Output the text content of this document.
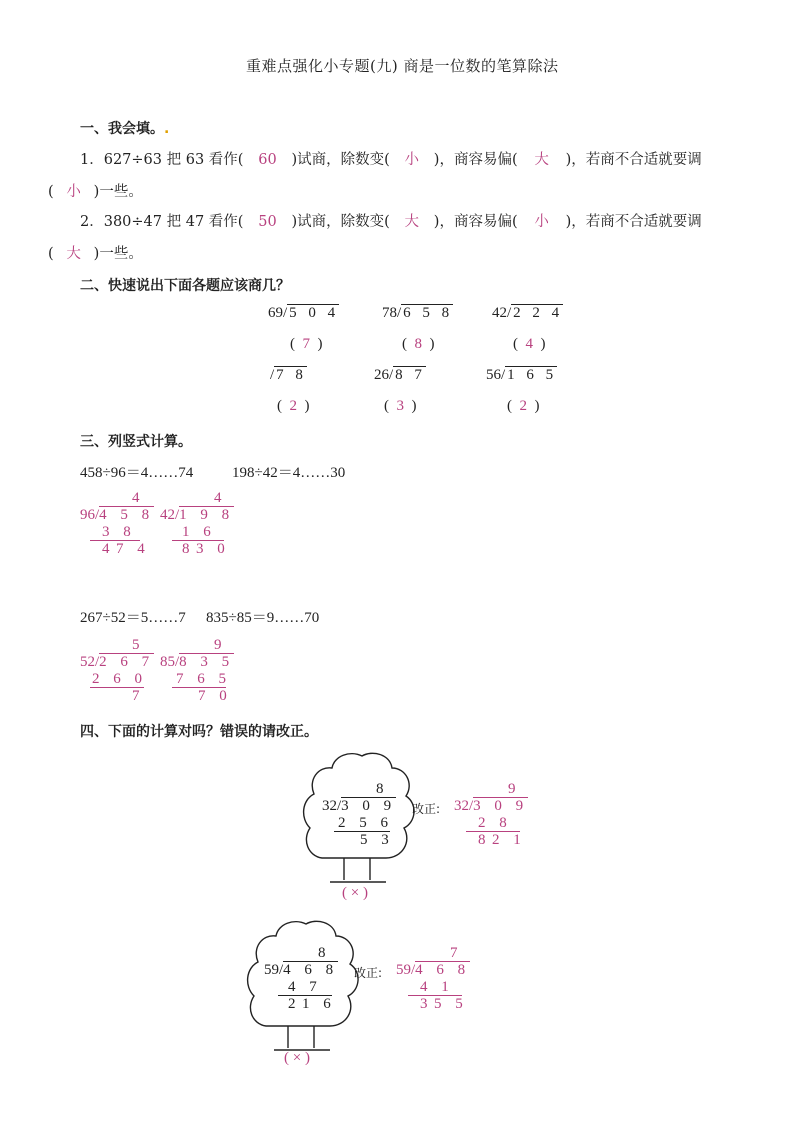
重难点强化小专题(九) 商是一位数的笔算除法
一、我会填。.
1．627÷63 把 63 看作( 60 )试商，除数变( 小 )，商容易偏( 大 )，若商不合适就要调
( 小 )一些。
2．380÷47 把 47 看作( 50 )试商，除数变( 大 )，商容易偏( 小 )，若商不合适就要调
( 大 )一些。
二、快速说出下面各题应该商几？
69/ 5 0 4
(  7  )
78/ 6 5 8
(  8  )
42/ 2 2 4
(  4  )
/ 7 8
(  2  )
26/ 8 7
(  3  )
56/ 1 6 5
(  2  )
三、列竖式计算。
458÷96＝4……74	198÷42＝4……30
4
96/4 5 8
3 8 4 7 4
4
42/1 9 8
1 6 8 3 0
267÷52＝5……7 835÷85＝9……70
5
52/2 6 7
2 6 0
7
9
85/8 3 5
7 6 5
7 0
四、下面的计算对吗？错误的请改正。
8
32/3 0 9
2 5 6
5 3
( × )
改正:
9
32/3 0 9
2 8 8 2 1
8
59/4 6 8
4 7 2 1 6
( × )
改正:
7
59/4 6 8
4 1 3 5 5
